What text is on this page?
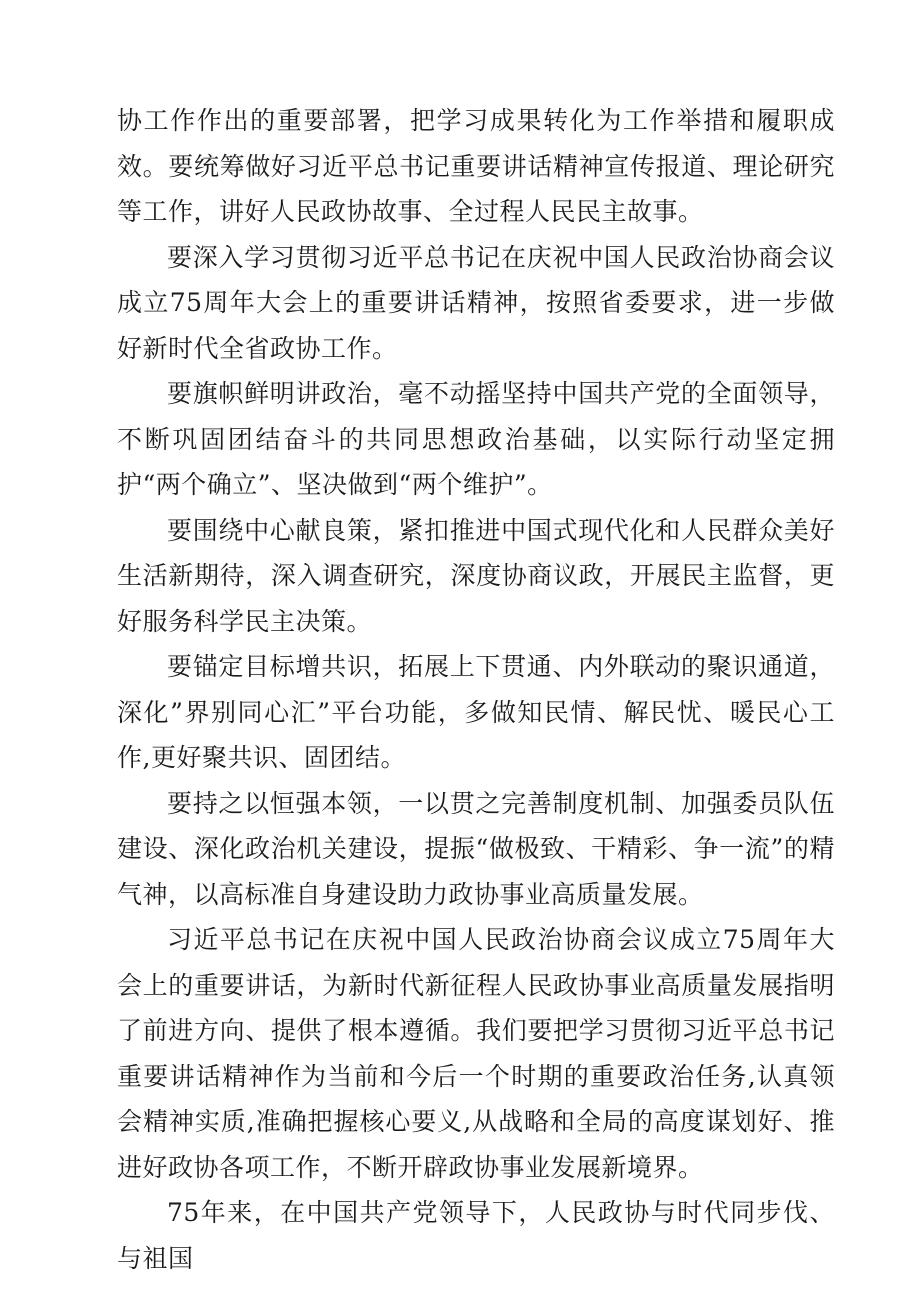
协工作作出的重要部署，把学习成果转化为工作举措和履职成效。要统筹做好习近平总书记重要讲话精神宣传报道、理论研究等工作，讲好人民政协故事、全过程人民民主故事。

要深入学习贯彻习近平总书记在庆祝中国人民政治协商会议成立75周年大会上的重要讲话精神，按照省委要求，进一步做好新时代全省政协工作。

要旗帜鲜明讲政治，毫不动摇坚持中国共产党的全面领导，不断巩固团结奋斗的共同思想政治基础，以实际行动坚定拥护“两个确立”、坚决做到“两个维护”。

要围绕中心献良策，紧扣推进中国式现代化和人民群众美好生活新期待，深入调查研究，深度协商议政，开展民主监督，更好服务科学民主决策。

要锚定目标增共识，拓展上下贯通、内外联动的聚识通道，深化”界别同心汇”平台功能，多做知民情、解民忧、暖民心工作,更好聚共识、固团结。

要持之以恒强本领，一以贯之完善制度机制、加强委员队伍建设、深化政治机关建设，提振“做极致、干精彩、争一流”的精气神，以高标准自身建设助力政协事业高质量发展。

习近平总书记在庆祝中国人民政治协商会议成立75周年大会上的重要讲话，为新时代新征程人民政协事业高质量发展指明了前进方向、提供了根本遵循。我们要把学习贯彻习近平总书记重要讲话精神作为当前和今后一个时期的重要政治任务,认真领会精神实质,准确把握核心要义,从战略和全局的高度谋划好、推进好政协各项工作，不断开辟政协事业发展新境界。

75年来，在中国共产党领导下，人民政协与时代同步伐、与祖国
